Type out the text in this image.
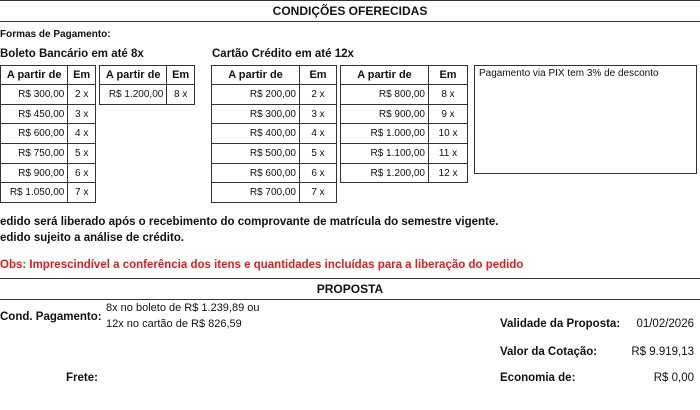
CONDIÇÕES OFERECIDAS
Formas de Pagamento:
Boleto Bancário em até 8x
A partir de	Em
R$ 300,00	2 x
R$ 450,00	3 x
R$ 600,00	4 x
R$ 750,00	5 x
R$ 900,00	6 x
R$ 1.050,00	7 x
A partir de	Em
R$ 1.200,00	8 x
Cartão Crédito em até 12x
A partir de	Em
R$ 200,00	2 x
R$ 300,00	3 x
R$ 400,00	4 x
R$ 500,00	5 x
R$ 600,00	6 x
R$ 700,00	7 x
A partir de	Em
R$ 800,00	8 x
R$ 900,00	9 x
R$ 1.000,00	10 x
R$ 1.100,00	11 x
R$ 1.200,00	12 x
Pagamento via PIX tem 3% de desconto
edido será liberado após o recebimento do comprovante de matrícula do semestre vigente.
edido sujeito a análise de crédito.
Obs: Imprescindível a conferência dos itens e quantidades incluídas para a liberação do pedido
PROPOSTA
Cond. Pagamento:
8x no boleto de R$ 1.239,89 ou
12x no cartão de R$ 826,59	Validade da Proposta: 01/02/2026
Valor da Cotação:	R$ 9.919,13
Frete:	Economia de:	R$ 0,00
